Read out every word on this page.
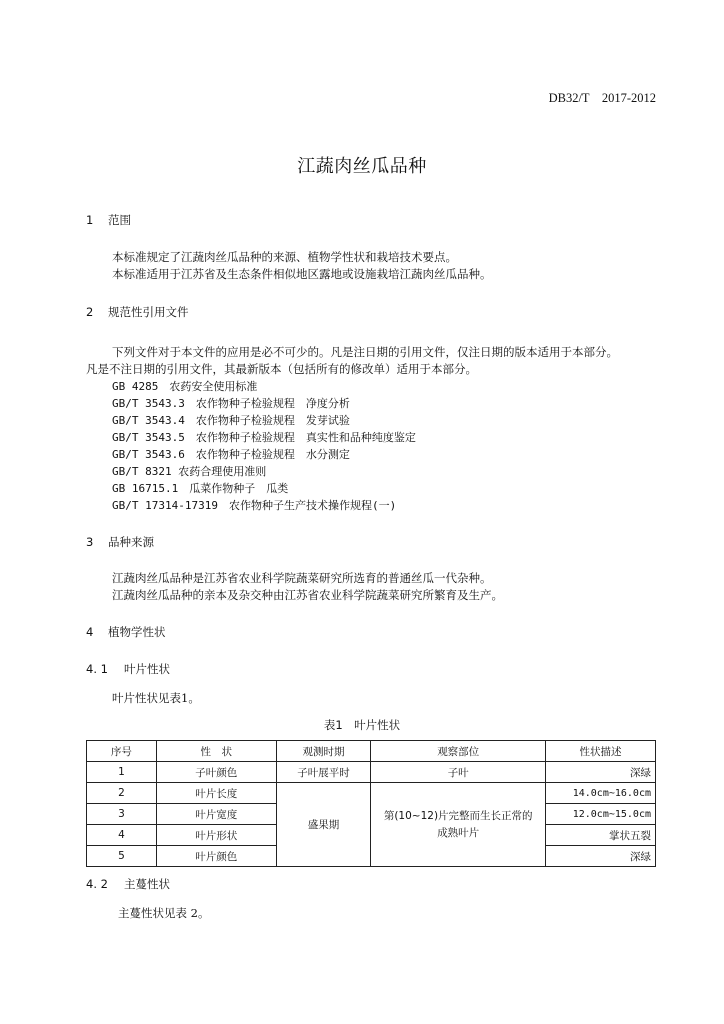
DB32/T　2017-2012
江蔬肉丝瓜品种
1 范围
本标准规定了江蔬肉丝瓜品种的来源、植物学性状和栽培技术要点。
本标准适用于江苏省及生态条件相似地区露地或设施栽培江蔬肉丝瓜品种。
2 规范性引用文件
下列文件对于本文件的应用是必不可少的。凡是注日期的引用文件，仅注日期的版本适用于本部分。
凡是不注日期的引用文件，其最新版本（包括所有的修改单）适用于本部分。
GB 4285　农药安全使用标准
GB/T 3543.3　农作物种子检验规程　净度分析
GB/T 3543.4　农作物种子检验规程　发芽试验
GB/T 3543.5　农作物种子检验规程　真实性和品种纯度鉴定
GB/T 3543.6　农作物种子检验规程　水分测定
GB/T 8321 农药合理使用准则
GB 16715.1　瓜菜作物种子　瓜类
GB/T 17314-17319　农作物种子生产技术操作规程(一)
3 品种来源
江蔬肉丝瓜品种是江苏省农业科学院蔬菜研究所选育的普通丝瓜一代杂种。
江蔬肉丝瓜品种的亲本及杂交种由江苏省农业科学院蔬菜研究所繁育及生产。
4 植物学性状
4. 1 叶片性状
叶片性状见表1。
表1　叶片性状
序号	性　状	观测时期	观察部位	性状描述
1	子叶颜色	子叶展平时	子叶	深绿
2	叶片长度	盛果期	第(10~12)片完整而生长正常的成熟叶片	14.0cm~16.0cm
3	叶片宽度			12.0cm~15.0cm
4	叶片形状			掌状五裂
5	叶片颜色			深绿
4. 2 主蔓性状
主蔓性状见表 2。
